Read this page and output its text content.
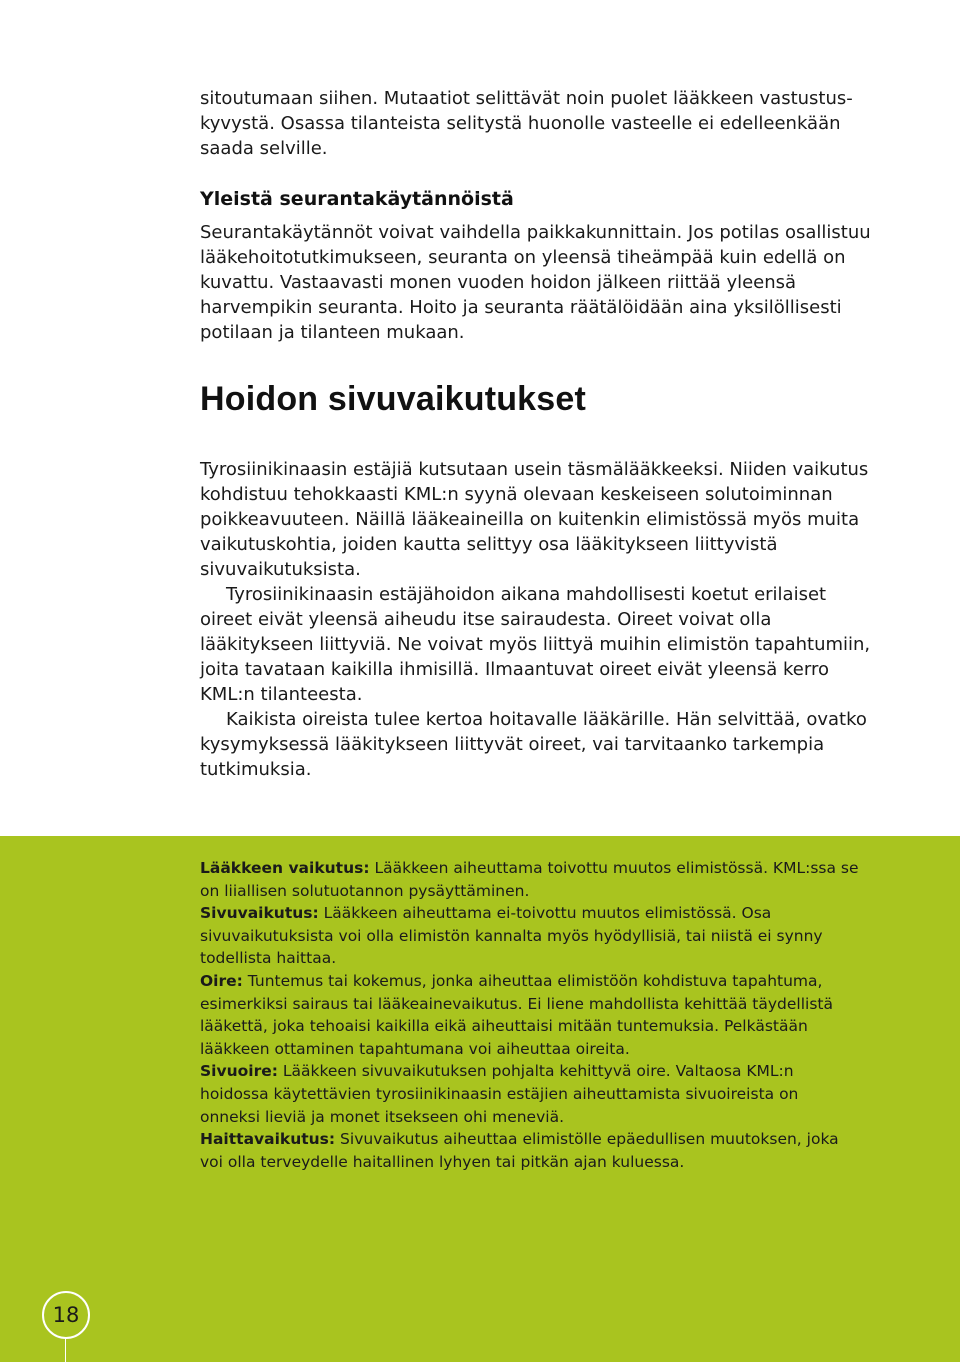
sitoutumaan siihen. Mutaatiot selittävät noin puolet lääkkeen vastustus-kyvystä. Osassa tilanteista selitystä huonolle vasteelle ei edelleenkään saada selville.

Yleistä seurantakäytännöistä

Seurantakäytännöt voivat vaihdella paikkakunnittain. Jos potilas osallistuu lääkehoitotutkimukseen, seuranta on yleensä tiheämpää kuin edellä on kuvattu. Vastaavasti monen vuoden hoidon jälkeen riittää yleensä harvempikin seuranta. Hoito ja seuranta räätälöidään aina yksilöllisesti potilaan ja tilanteen mukaan.

Hoidon sivuvaikutukset

Tyrosiinikinaasin estäjiä kutsutaan usein täsmälääkkeeksi. Niiden vaikutus kohdistuu tehokkaasti KML:n syynä olevaan keskeiseen solutoiminnan poikkeavuuteen. Näillä lääkeaineilla on kuitenkin elimistössä myös muita vaikutuskohtia, joiden kautta selittyy osa lääkitykseen liittyvistä sivuvaikutuksista.

Tyrosiinikinaasin estäjähoidon aikana mahdollisesti koetut erilaiset oireet eivät yleensä aiheudu itse sairaudesta. Oireet voivat olla lääkitykseen liittyviä. Ne voivat myös liittyä muihin elimistön tapahtumiin, joita tavataan kaikilla ihmisillä. Ilmaantuvat oireet eivät yleensä kerro KML:n tilanteesta.

Kaikista oireista tulee kertoa hoitavalle lääkärille. Hän selvittää, ovatko kysymyksessä lääkitykseen liittyvät oireet, vai tarvitaanko tarkempia tutkimuksia.

Lääkkeen vaikutus: Lääkkeen aiheuttama toivottu muutos elimistössä. KML:ssa se on liiallisen solutuotannon pysäyttäminen.

Sivuvaikutus: Lääkkeen aiheuttama ei-toivottu muutos elimistössä. Osa sivuvaikutuksista voi olla elimistön kannalta myös hyödyllisiä, tai niistä ei synny todellista haittaa.

Oire: Tuntemus tai kokemus, jonka aiheuttaa elimistöön kohdistuva tapahtuma, esimerkiksi sairaus tai lääkeainevaikutus. Ei liene mahdollista kehittää täydellistä lääkettä, joka tehoaisi kaikilla eikä aiheuttaisi mitään tuntemuksia. Pelkästään lääkkeen ottaminen tapahtumana voi aiheuttaa oireita.

Sivuoire: Lääkkeen sivuvaikutuksen pohjalta kehittyvä oire. Valtaosa KML:n hoidossa käytettävien tyrosiinikinaasin estäjien aiheuttamista sivuoireista on onneksi lieviä ja monet itsekseen ohi meneviä.

Haittavaikutus: Sivuvaikutus aiheuttaa elimistölle epäedullisen muutoksen, joka voi olla terveydelle haitallinen lyhyen tai pitkän ajan kuluessa.

18
